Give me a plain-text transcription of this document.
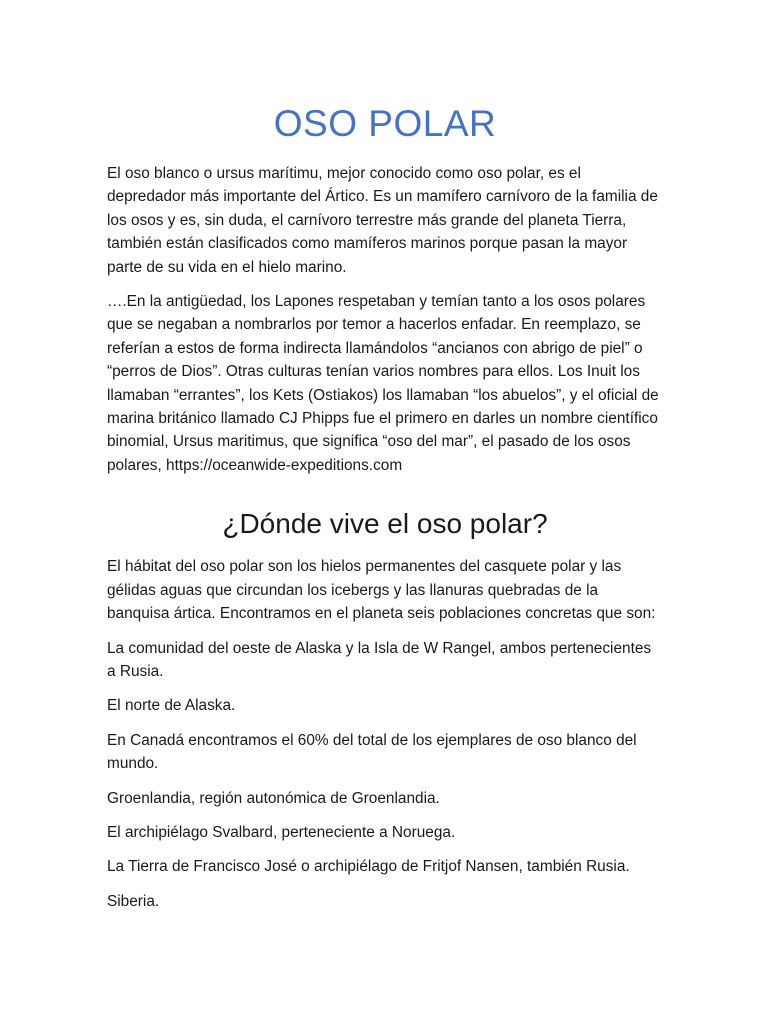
OSO POLAR

El oso blanco o ursus marítimu, mejor conocido como oso polar, es el depredador más importante del Ártico. Es un mamífero carnívoro de la familia de los osos y es, sin duda, el carnívoro terrestre más grande del planeta Tierra, también están clasificados como mamíferos marinos porque pasan la mayor parte de su vida en el hielo marino.

….En la antigüedad, los Lapones respetaban y temían tanto a los osos polares que se negaban a nombrarlos por temor a hacerlos enfadar. En reemplazo, se referían a estos de forma indirecta llamándolos “ancianos con abrigo de piel” o “perros de Dios”. Otras culturas tenían varios nombres para ellos. Los Inuit los llamaban “errantes”, los Kets (Ostiakos) los llamaban “los abuelos”, y el oficial de marina británico llamado CJ Phipps fue el primero en darles un nombre científico binomial, Ursus maritimus, que significa “oso del mar”, el pasado de los osos polares, https://oceanwide-expeditions.com

¿Dónde vive el oso polar?

El hábitat del oso polar son los hielos permanentes del casquete polar y las gélidas aguas que circundan los icebergs y las llanuras quebradas de la banquisa ártica. Encontramos en el planeta seis poblaciones concretas que son:

La comunidad del oeste de Alaska y la Isla de W Rangel, ambos pertenecientes a Rusia.

El norte de Alaska.

En Canadá encontramos el 60% del total de los ejemplares de oso blanco del mundo.

Groenlandia, región autonómica de Groenlandia.

El archipiélago Svalbard, perteneciente a Noruega.

La Tierra de Francisco José o archipiélago de Fritjof Nansen, también Rusia.

Siberia.
